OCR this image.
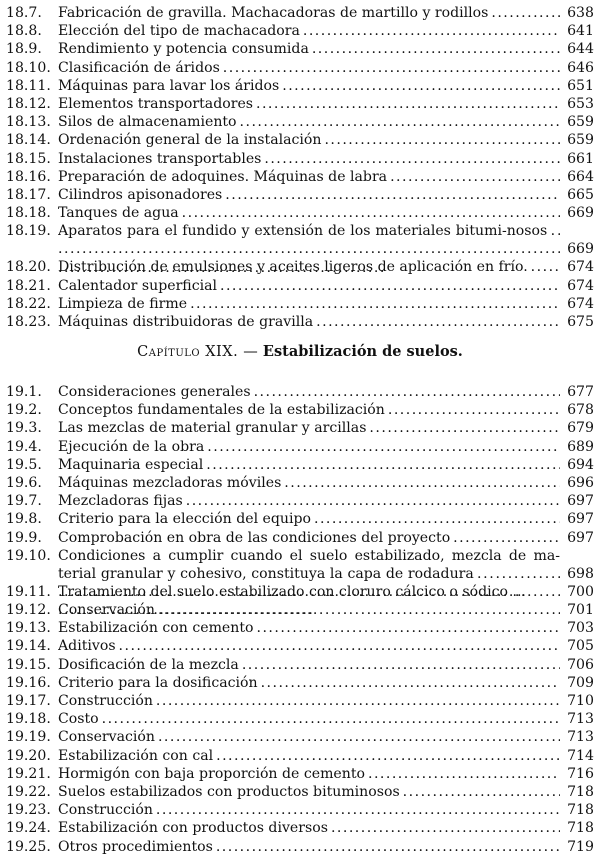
18.7.	Fabricación de gravilla. Machacadoras de martillo y rodillos . . .	638
18.8.	Elección del tipo de machacadora . . .	641
18.9.	Rendimiento y potencia consumida . . .	644
18.10. Clasificación de áridos . . .	646
18.11. Máquinas para lavar los áridos . . .	651
18.12. Elementos transportadores . . .	653
18.13. Silos de almacenamiento . . .	659
18.14. Ordenación general de la instalación . . .	659
18.15. Instalaciones transportables . . .	661
18.16. Preparación de adoquines. Máquinas de labra . . .	664
18.17. Cilindros apisonadores . . .	665
18.18. Tanques de agua . . .	669
18.19. Aparatos para el fundido y extensión de los materiales bitumi-nosos . . .
669
18.20. Distribución de emulsiones y aceites ligeros de aplicación en frío. . . .	674
18.21. Calentador superficial . . .	674
18.22. Limpieza de firme . . .	674
18.23. Máquinas distribuidoras de gravilla . . .	675
Capítulo XIX. — Estabilización de suelos.
19.1.	Consideraciones generales . . .	677
19.2.	Conceptos fundamentales de la estabilización . . .	678
19.3.	Las mezclas de material granular y arcillas . . .	679
19.4.	Ejecución de la obra . . .	689
19.5.	Maquinaria especial . . .	694
19.6.	Máquinas mezcladoras móviles . . .	696
19.7.	Mezcladoras fijas . . .	697
19.8.	Criterio para la elección del equipo . . .	697
19.9.	Comprobación en obra de las condiciones del proyecto . . .	697
19.10. Condiciones a cumplir cuando el suelo estabilizado, mezcla de ma-terial granular y cohesivo, constituya la capa de rodadura . . .	698
19.11. Tratamiento del suelo estabilizado con cloruro cálcico o sódico ...	700
19.12. Conservación . . .	701
19.13. Estabilización con cemento . . .	703
19.14. Aditivos . . .	705
19.15. Dosificación de la mezcla . . .	706
19.16. Criterio para la dosificación . . .	709
19.17. Construcción . . .	710
19.18. Costo . . .	713
19.19. Conservación . . .	713
19.20. Estabilización con cal . . .	714
19.21. Hormigón con baja proporción de cemento . . .	716
19.22. Suelos estabilizados con productos bituminosos . . .	718
19.23. Construcción . . .	718
19.24. Estabilización con productos diversos . . .	718
19.25. Otros procedimientos . . .	719
